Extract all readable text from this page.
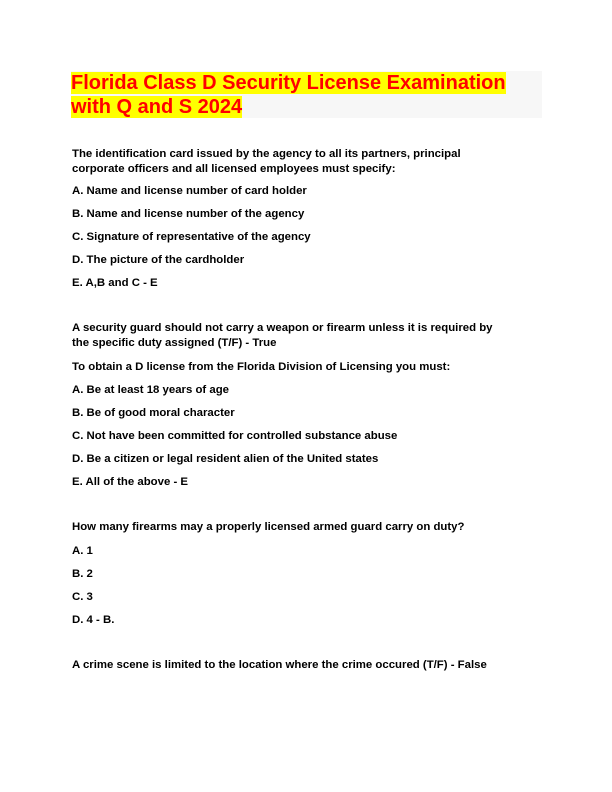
Florida Class D Security License Examination
with Q and S 2024

The identification card issued by the agency to all its partners, principal

corporate officers and all licensed employees must specify:

A. Name and license number of card holder

B. Name and license number of the agency

C. Signature of representative of the agency

D. The picture of the cardholder

E. A,B and C - E

A security guard should not carry a weapon or firearm unless it is required by

the specific duty assigned (T/F) - True

To obtain a D license from the Florida Division of Licensing you must:

A. Be at least 18 years of age

B. Be of good moral character

C. Not have been committed for controlled substance abuse

D. Be a citizen or legal resident alien of the United states

E. All of the above - E

How many firearms may a properly licensed armed guard carry on duty?

A. 1

B. 2

C. 3

D. 4 - B.

A crime scene is limited to the location where the crime occured (T/F) - False
